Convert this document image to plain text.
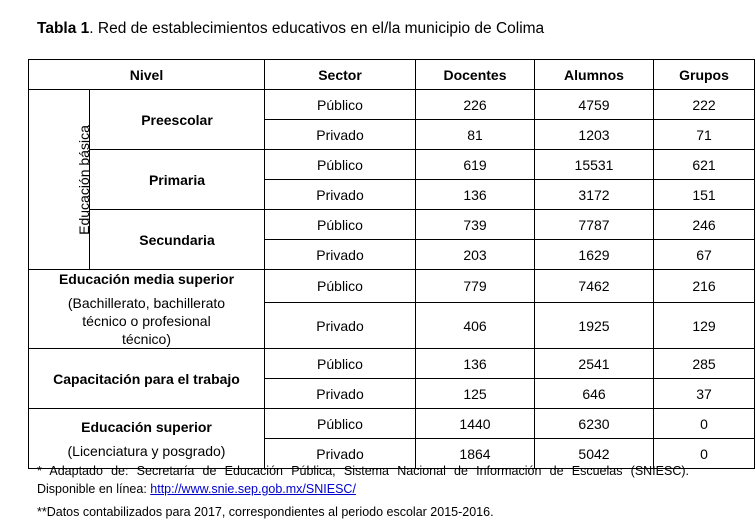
Tabla 1. Red de establecimientos educativos en el/la municipio de Colima
Nivel		Sector	Docentes	Alumnos	Grupos
Educación básica	Preescolar	Público	226	4759	222
		Privado	81	1203	71
	Primaria	Público	619	15531	621
		Privado	136	3172	151
	Secundaria	Público	739	7787	246
		Privado	203	1629	67

Educación media superior
(Bachillerato, bachillerato técnico o profesional técnico)		Público	779	7462	216
		Privado	406	1925	129
Capacitación para el trabajo		Público	136	2541	285
		Privado	125	646	37

Educación superior
(Licenciatura y posgrado)		Público	1440	6230	0
		Privado	1864	5042	0
* Adaptado de: Secretaría de Educación Pública, Sistema Nacional de Información de Escuelas (SNIESC). Disponible en línea: http://www.snie.sep.gob.mx/SNIESC/
**Datos contabilizados para 2017, correspondientes al periodo escolar 2015-2016.
